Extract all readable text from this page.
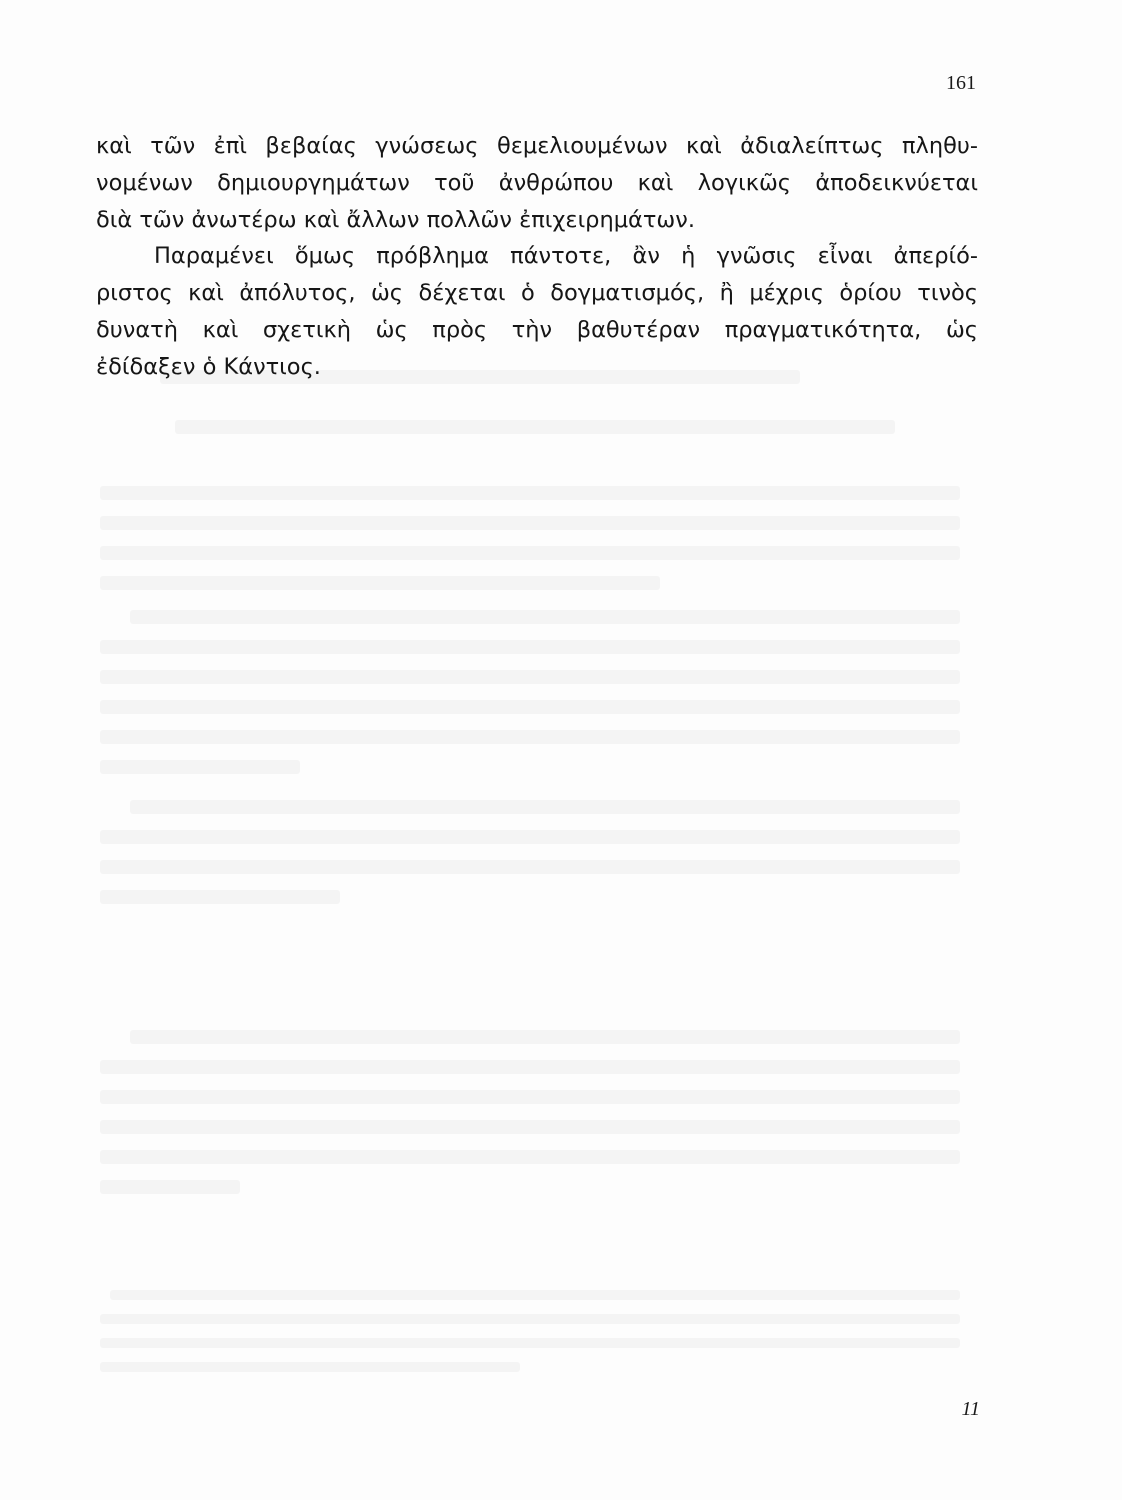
161

καὶ τῶν ἐπὶ βεβαίας γνώσεως θεμελιουμένων καὶ ἀδιαλείπτως πληθυ-
νομένων δημιουργημάτων τοῦ ἀνθρώπου καὶ λογικῶς ἀποδεικνύεται
διὰ τῶν ἀνωτέρω καὶ ἄλλων πολλῶν ἐπιχειρημάτων.

Παραμένει ὅμως πρόβλημα πάντοτε, ἂν ἡ γνῶσις εἶναι ἀπερίό-
ριστος καὶ ἀπόλυτος, ὡς δέχεται ὁ δογματισμός, ἢ μέχρις ὁρίου τινὸς
δυνατὴ καὶ σχετικὴ ὡς πρὸς τὴν βαθυτέραν πραγματικότητα, ὡς
ἐδίδαξεν ὁ Κάντιος.

11
